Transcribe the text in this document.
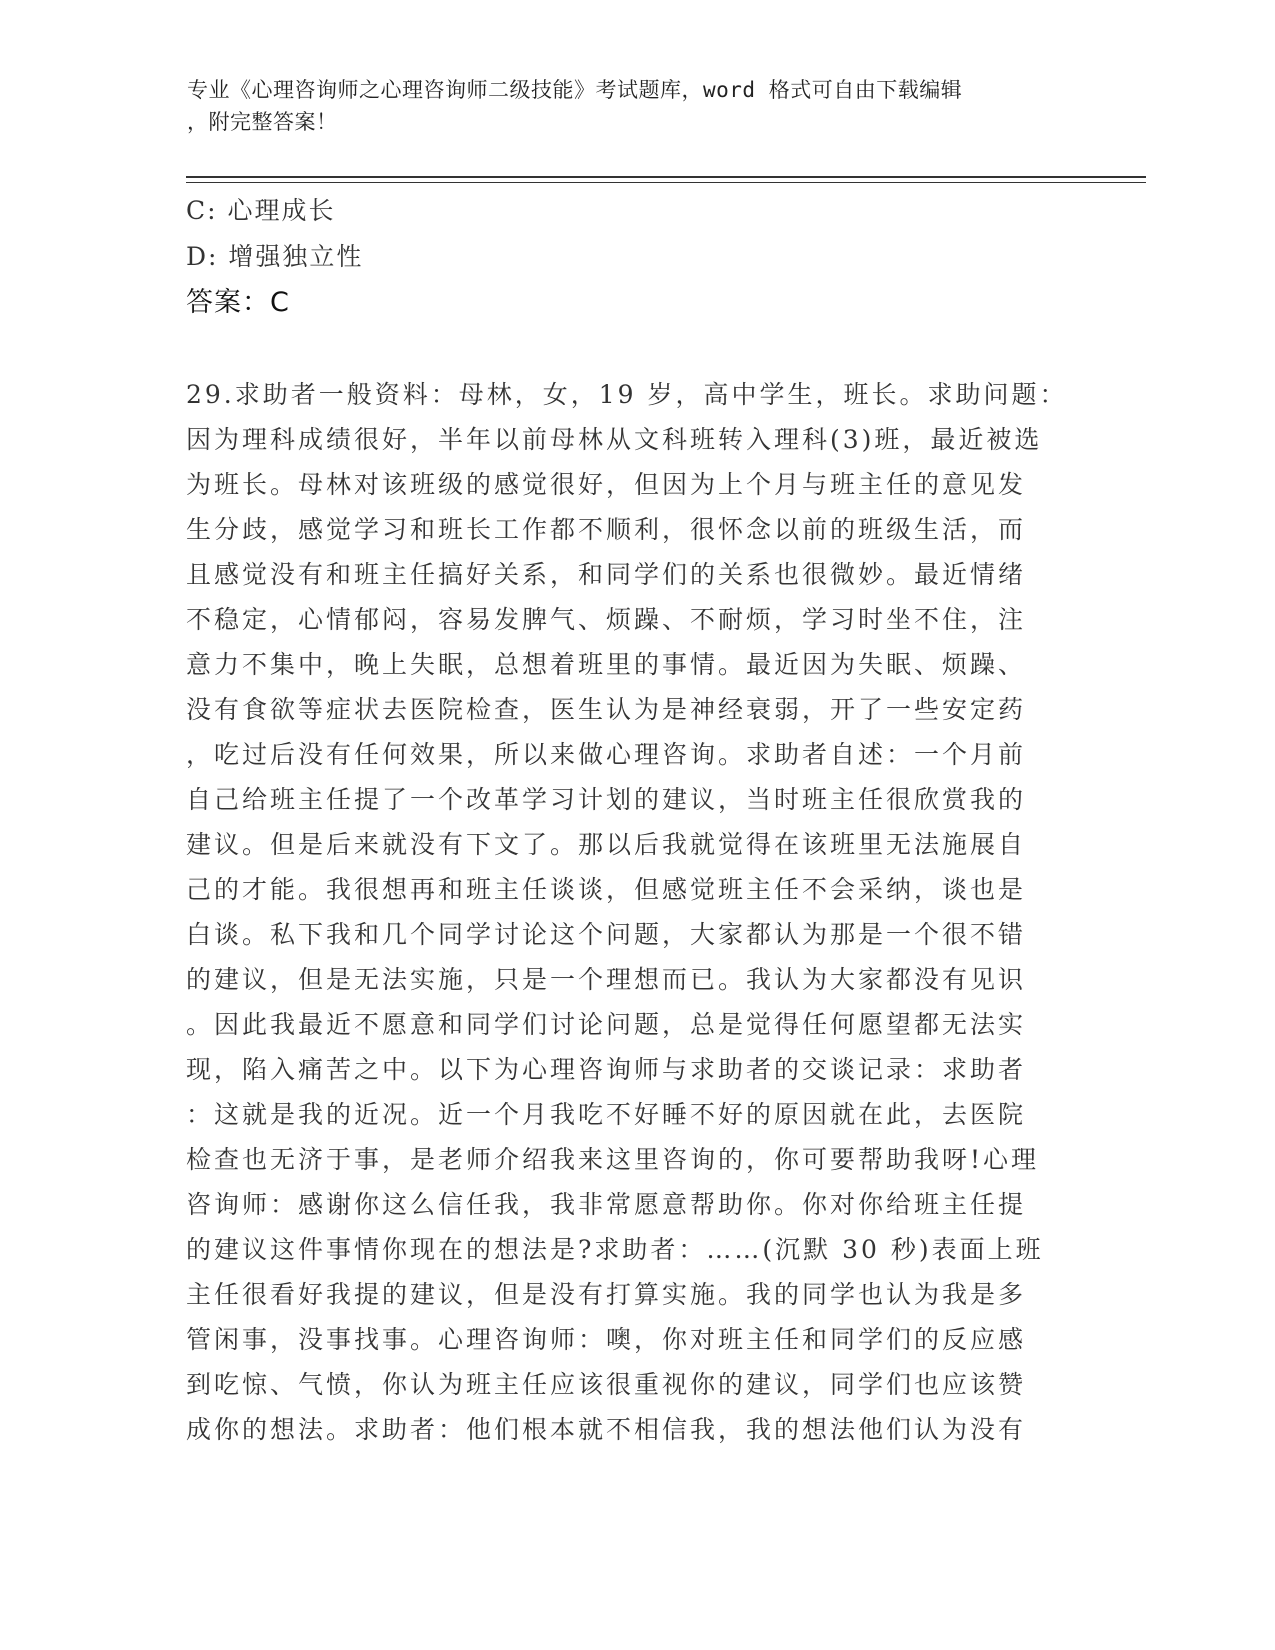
专业《心理咨询师之心理咨询师二级技能》考试题库，word 格式可自由下载编辑
，附完整答案！
C: 心理成长
D: 增强独立性
答案：C
29.求助者一般资料：母林，女，19 岁，高中学生，班长。求助问题：
因为理科成绩很好，半年以前母林从文科班转入理科(3)班，最近被选
为班长。母林对该班级的感觉很好，但因为上个月与班主任的意见发
生分歧，感觉学习和班长工作都不顺利，很怀念以前的班级生活，而
且感觉没有和班主任搞好关系，和同学们的关系也很微妙。最近情绪
不稳定，心情郁闷，容易发脾气、烦躁、不耐烦，学习时坐不住，注
意力不集中，晚上失眠，总想着班里的事情。最近因为失眠、烦躁、
没有食欲等症状去医院检查，医生认为是神经衰弱，开了一些安定药
，吃过后没有任何效果，所以来做心理咨询。求助者自述：一个月前
自己给班主任提了一个改革学习计划的建议，当时班主任很欣赏我的
建议。但是后来就没有下文了。那以后我就觉得在该班里无法施展自
己的才能。我很想再和班主任谈谈，但感觉班主任不会采纳，谈也是
白谈。私下我和几个同学讨论这个问题，大家都认为那是一个很不错
的建议，但是无法实施，只是一个理想而已。我认为大家都没有见识
。因此我最近不愿意和同学们讨论问题，总是觉得任何愿望都无法实
现，陷入痛苦之中。以下为心理咨询师与求助者的交谈记录：求助者
：这就是我的近况。近一个月我吃不好睡不好的原因就在此，去医院
检查也无济于事，是老师介绍我来这里咨询的，你可要帮助我呀!心理
咨询师：感谢你这么信任我，我非常愿意帮助你。你对你给班主任提
的建议这件事情你现在的想法是?求助者：……(沉默 30 秒)表面上班
主任很看好我提的建议，但是没有打算实施。我的同学也认为我是多
管闲事，没事找事。心理咨询师：噢，你对班主任和同学们的反应感
到吃惊、气愤，你认为班主任应该很重视你的建议，同学们也应该赞
成你的想法。求助者：他们根本就不相信我，我的想法他们认为没有
